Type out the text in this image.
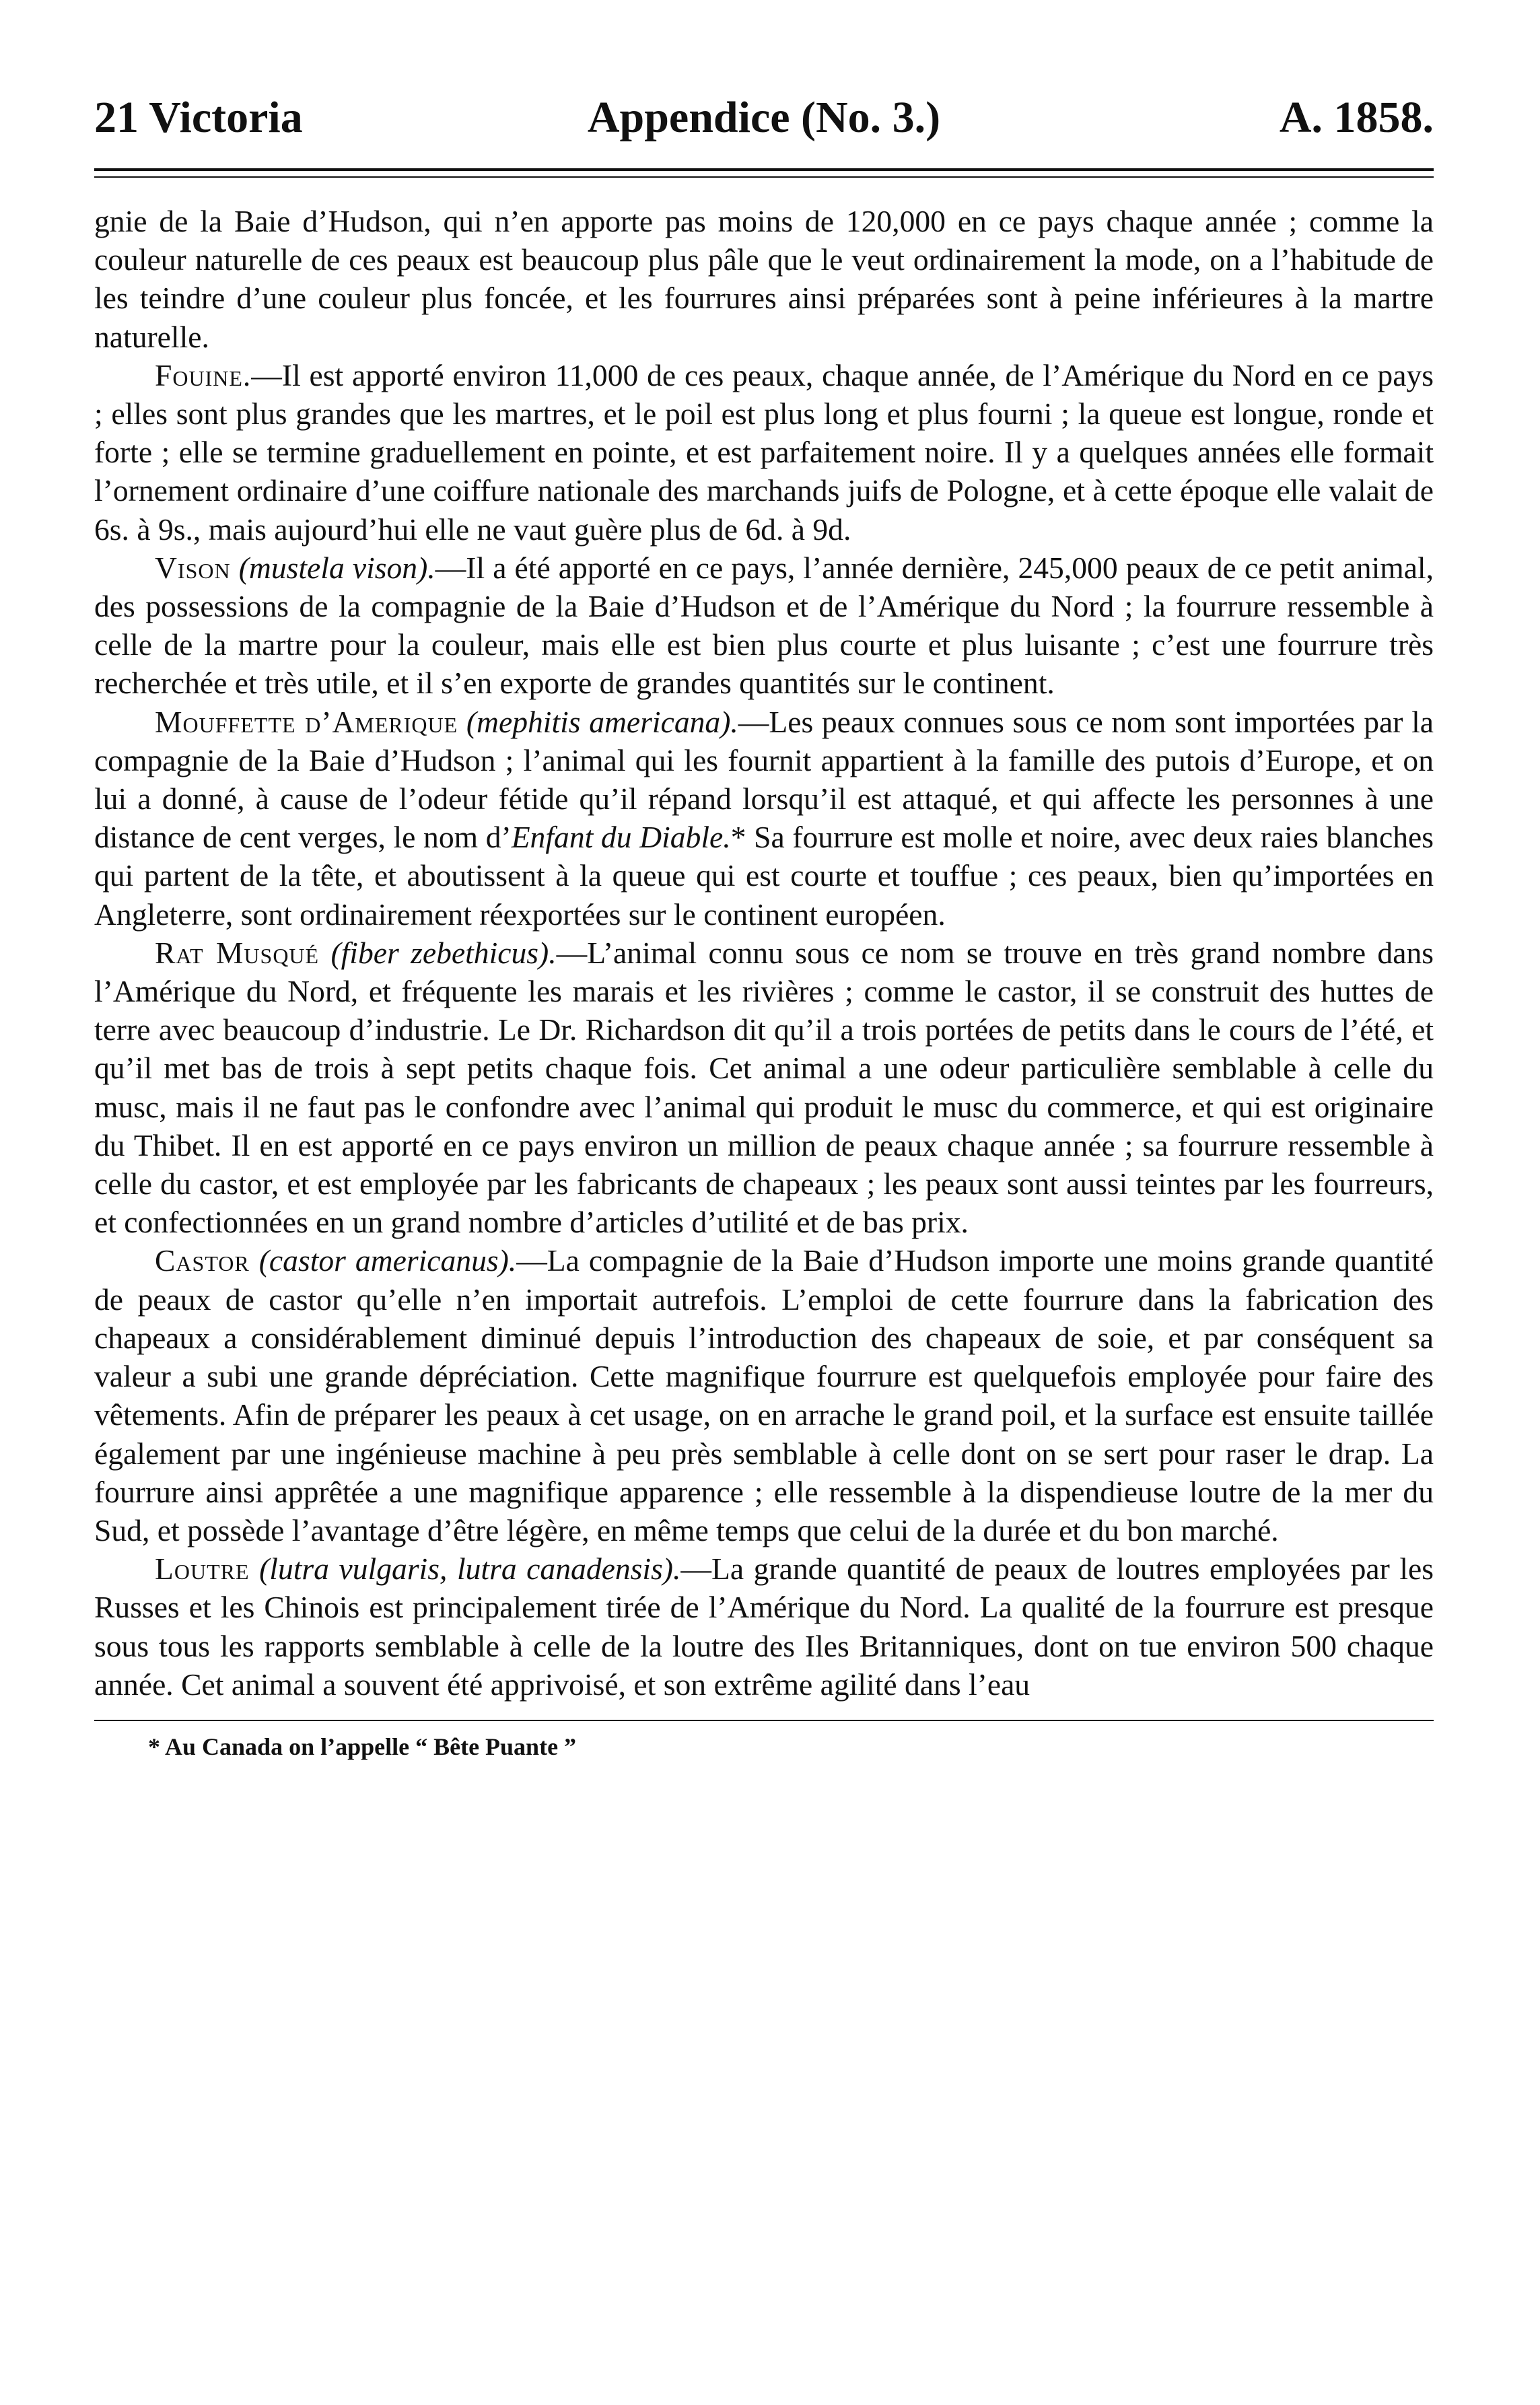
21 Victoria	Appendice (No. 3.)	A. 1858.

gnie de la Baie d’Hudson, qui n’en apporte pas moins de 120,000 en ce pays chaque année ; comme la couleur naturelle de ces peaux est beaucoup plus pâle que le veut ordinairement la mode, on a l’habitude de les teindre d’une couleur plus foncée, et les fourrures ainsi préparées sont à peine inférieures à la martre naturelle.

Fouine.—Il est apporté environ 11,000 de ces peaux, chaque année, de l’Amérique du Nord en ce pays ; elles sont plus grandes que les martres, et le poil est plus long et plus fourni ; la queue est longue, ronde et forte ; elle se termine graduellement en pointe, et est parfaitement noire. Il y a quelques années elle formait l’ornement ordinaire d’une coiffure nationale des marchands juifs de Pologne, et à cette époque elle valait de 6s. à 9s., mais aujourd’hui elle ne vaut guère plus de 6d. à 9d.

Vison (mustela vison).—Il a été apporté en ce pays, l’année dernière, 245,000 peaux de ce petit animal, des possessions de la compagnie de la Baie d’Hudson et de l’Amérique du Nord ; la fourrure ressemble à celle de la martre pour la couleur, mais elle est bien plus courte et plus luisante ; c’est une fourrure très recherchée et très utile, et il s’en exporte de grandes quantités sur le continent.

Mouffette d’Amerique (mephitis americana).—Les peaux connues sous ce nom sont importées par la compagnie de la Baie d’Hudson ; l’animal qui les fournit appartient à la famille des putois d’Europe, et on lui a donné, à cause de l’odeur fétide qu’il répand lorsqu’il est attaqué, et qui affecte les personnes à une distance de cent verges, le nom d’Enfant du Diable.* Sa fourrure est molle et noire, avec deux raies blanches qui partent de la tête, et aboutissent à la queue qui est courte et touffue ; ces peaux, bien qu’importées en Angleterre, sont ordinairement réexportées sur le continent européen.

Rat Musqué (fiber zebethicus).—L’animal connu sous ce nom se trouve en très grand nombre dans l’Amérique du Nord, et fréquente les marais et les rivières ; comme le castor, il se construit des huttes de terre avec beaucoup d’industrie. Le Dr. Richardson dit qu’il a trois portées de petits dans le cours de l’été, et qu’il met bas de trois à sept petits chaque fois. Cet animal a une odeur particulière semblable à celle du musc, mais il ne faut pas le confondre avec l’animal qui produit le musc du commerce, et qui est originaire du Thibet. Il en est apporté en ce pays environ un million de peaux chaque année ; sa fourrure ressemble à celle du castor, et est employée par les fabricants de chapeaux ; les peaux sont aussi teintes par les fourreurs, et confectionnées en un grand nombre d’articles d’utilité et de bas prix.

Castor (castor americanus).—La compagnie de la Baie d’Hudson importe une moins grande quantité de peaux de castor qu’elle n’en importait autrefois. L’emploi de cette fourrure dans la fabrication des chapeaux a considérablement diminué depuis l’introduction des chapeaux de soie, et par conséquent sa valeur a subi une grande dépréciation. Cette magnifique fourrure est quelquefois employée pour faire des vêtements. Afin de préparer les peaux à cet usage, on en arrache le grand poil, et la surface est ensuite taillée également par une ingénieuse machine à peu près semblable à celle dont on se sert pour raser le drap. La fourrure ainsi apprêtée a une magnifique apparence ; elle ressemble à la dispendieuse loutre de la mer du Sud, et possède l’avantage d’être légère, en même temps que celui de la durée et du bon marché.

Loutre (lutra vulgaris, lutra canadensis).—La grande quantité de peaux de loutres employées par les Russes et les Chinois est principalement tirée de l’Amérique du Nord. La qualité de la fourrure est presque sous tous les rapports semblable à celle de la loutre des Iles Britanniques, dont on tue environ 500 chaque année. Cet animal a souvent été apprivoisé, et son extrême agilité dans l’eau

* Au Canada on l’appelle “ Bête Puante ”
